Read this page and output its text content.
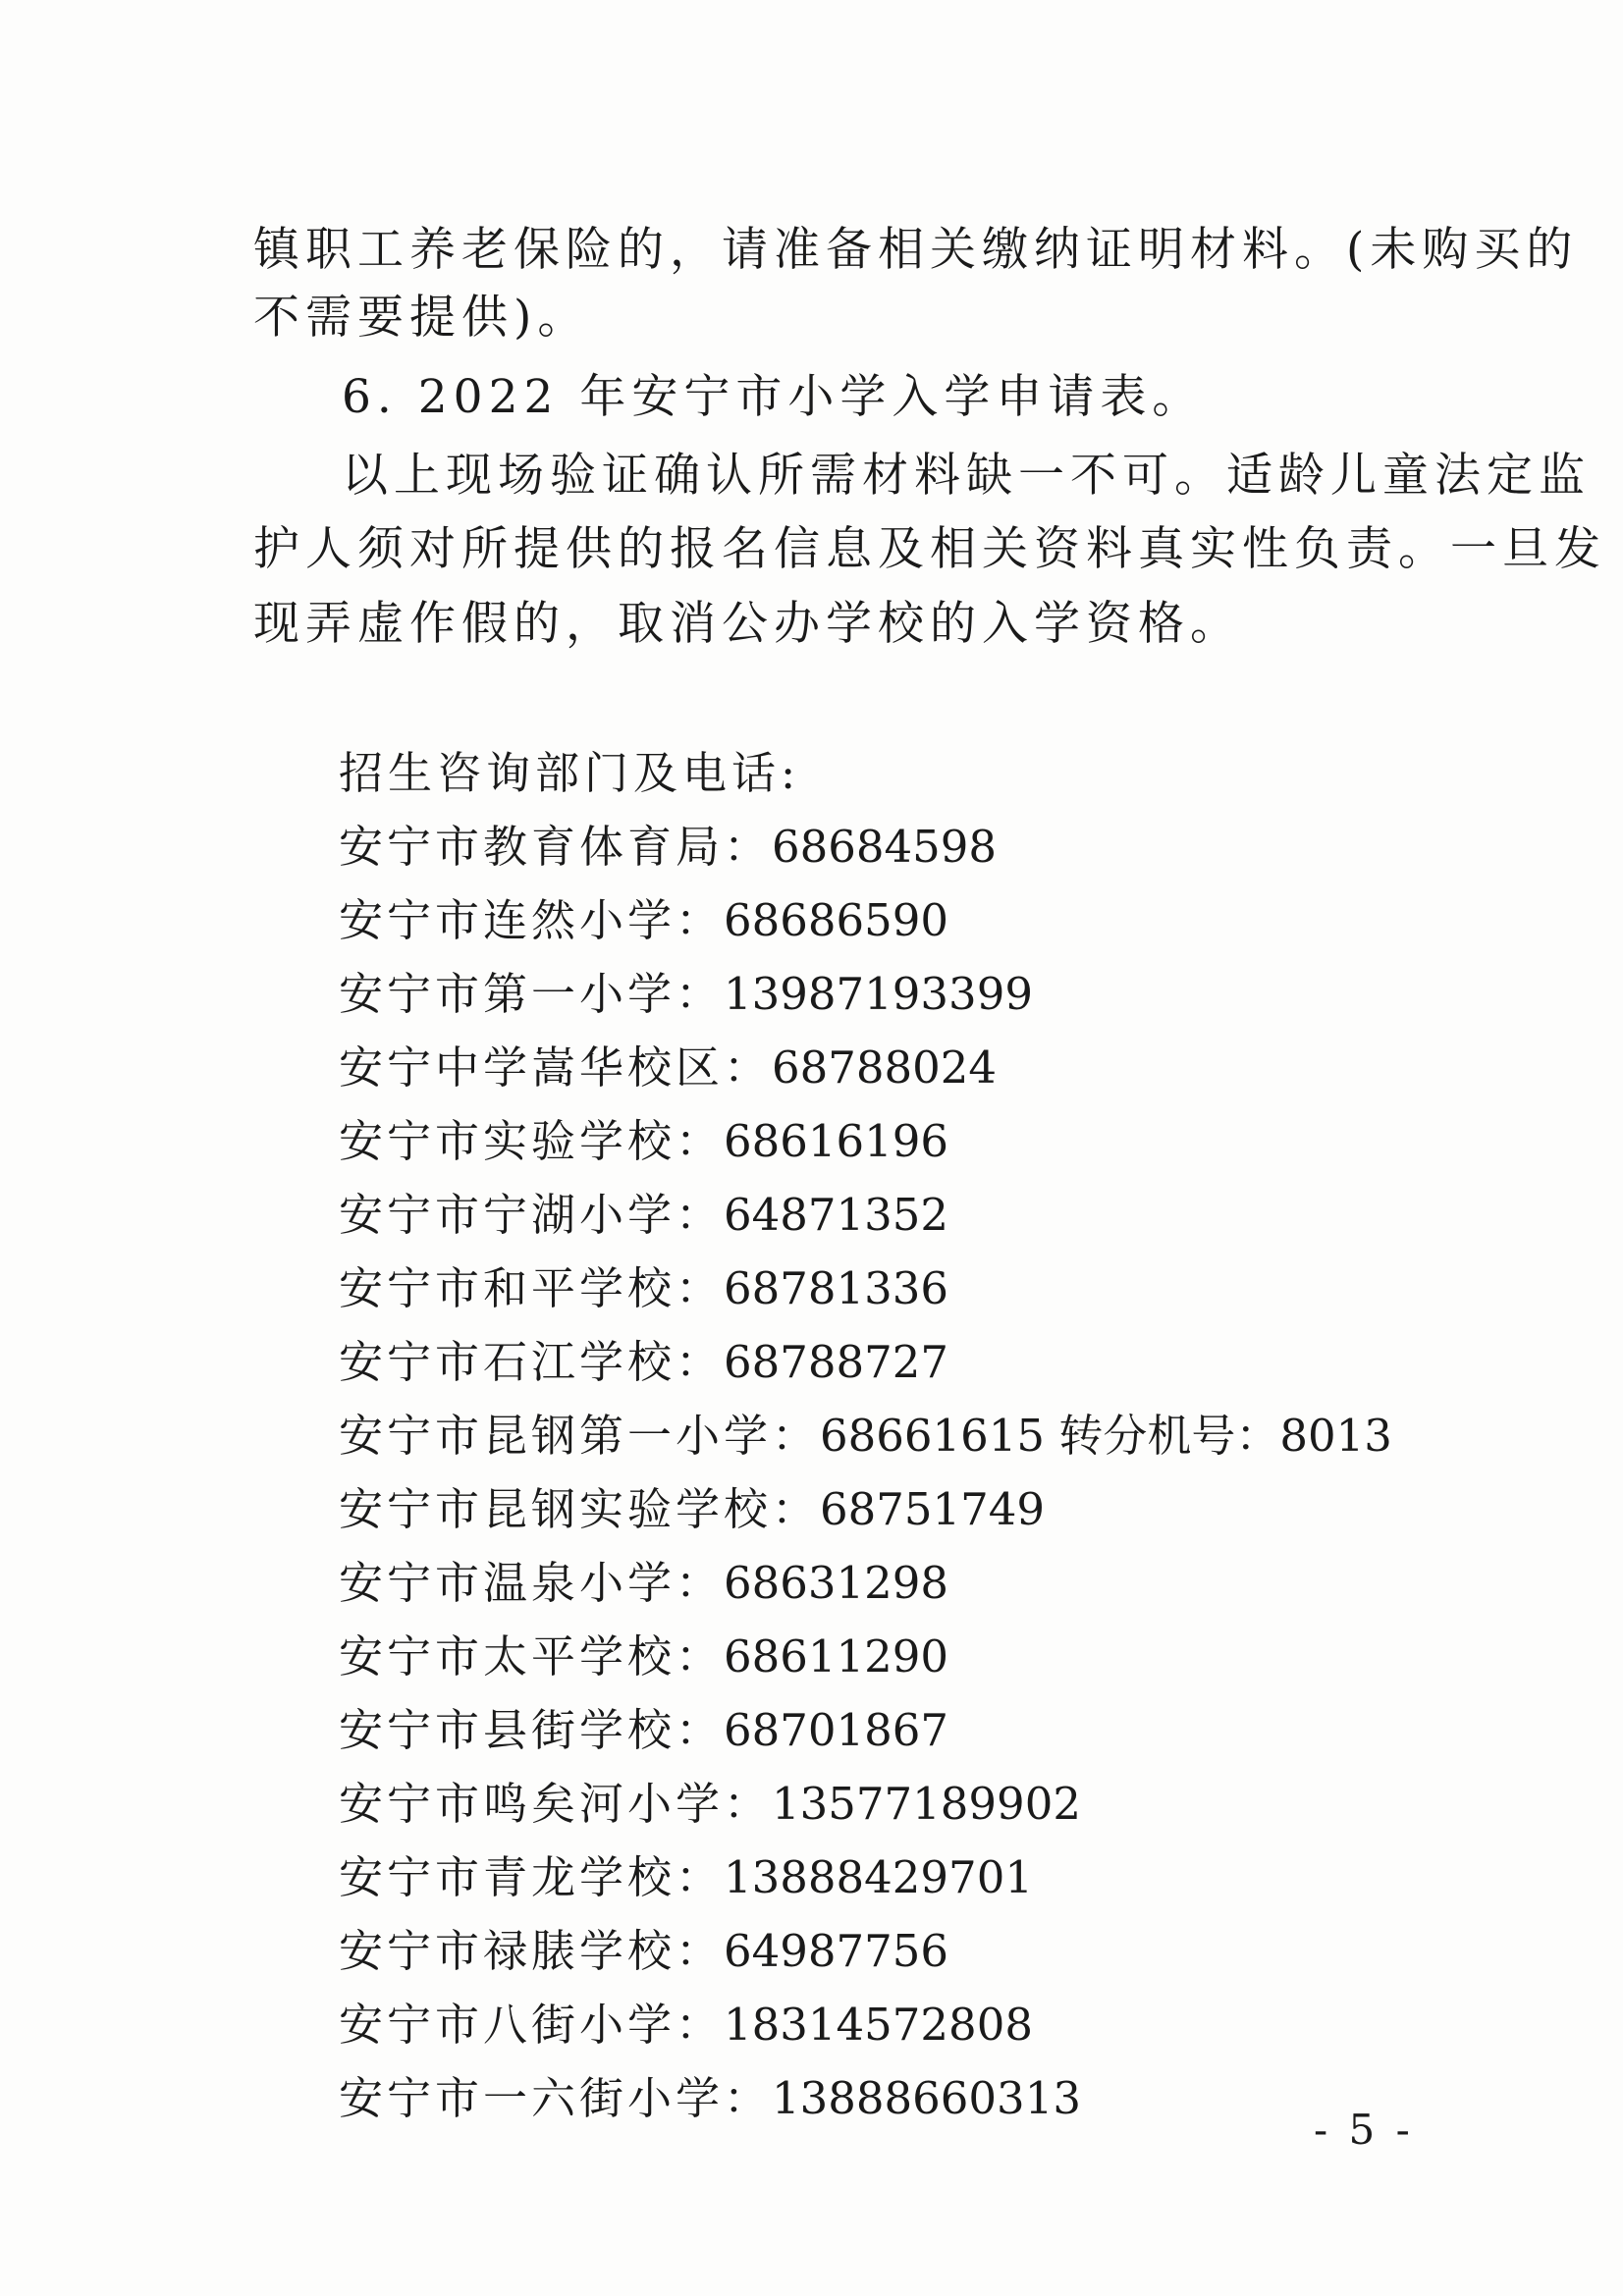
镇职工养老保险的，请准备相关缴纳证明材料。(未购买的
不需要提供)。
6. 2022 年安宁市小学入学申请表。
以上现场验证确认所需材料缺一不可。适龄儿童法定监
护人须对所提供的报名信息及相关资料真实性负责。一旦发
现弄虚作假的，取消公办学校的入学资格。
招生咨询部门及电话:
安宁市教育体育局：68684598
安宁市连然小学：68686590
安宁市第一小学：13987193399
安宁中学嵩华校区：68788024
安宁市实验学校：68616196
安宁市宁湖小学：64871352
安宁市和平学校：68781336
安宁市石江学校：68788727
安宁市昆钢第一小学：68661615 转分机号：8013
安宁市昆钢实验学校：68751749
安宁市温泉小学：68631298
安宁市太平学校：68611290
安宁市县街学校：68701867
安宁市鸣矣河小学：13577189902
安宁市青龙学校：13888429701
安宁市禄脿学校：64987756
安宁市八街小学：18314572808
安宁市一六街小学：13888660313
- 5 -
